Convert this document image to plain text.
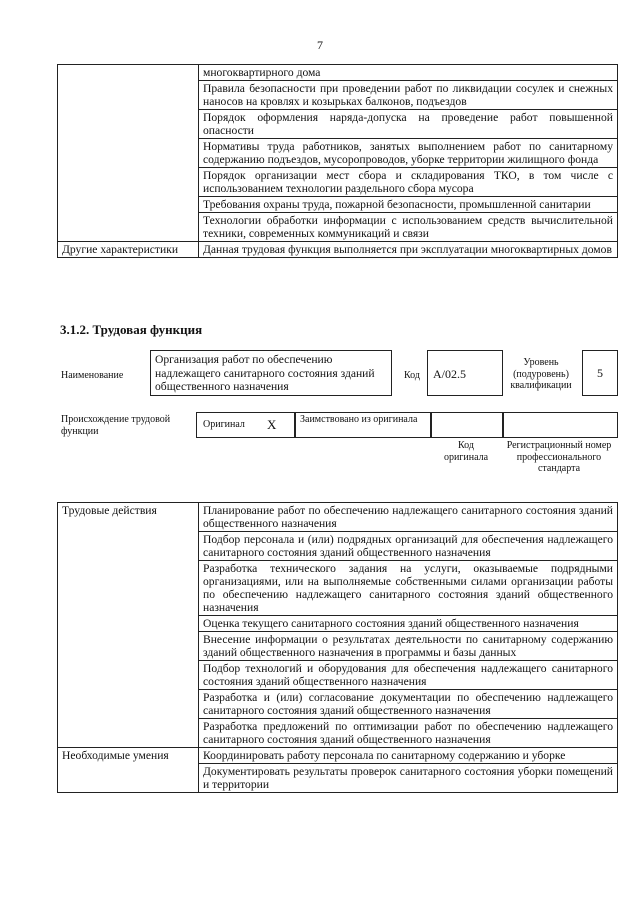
7
	многоквартирного дома
	Правила безопасности при проведении работ по ликвидации сосулек и снежных наносов на кровлях и козырьках балконов, подъездов
	Порядок оформления наряда-допуска на проведение работ повышенной опасности
	Нормативы труда работников, занятых выполнением работ по санитарному содержанию подъездов, мусоропроводов, уборке территории жилищного фонда
	Порядок организации мест сбора и складирования ТКО, в том числе с использованием технологии раздельного сбора мусора
	Требования охраны труда, пожарной безопасности, промышленной санитарии
	Технологии обработки информации с использованием средств вычислительной техники, современных коммуникаций и связи
Другие характеристики	Данная трудовая функция выполняется при эксплуатации многоквартирных домов
3.1.2. Трудовая функция
Наименование
Организация работ по обеспечению надлежащего санитарного состояния зданий общественного назначения
Код	A/02.5
Уровень (подуровень) квалификации
5
Происхождение трудовой функции
Оригинал X	Заимствовано из оригинала
Код оригинала
Регистрационный номер профессионального стандарта
Трудовые действия	Планирование работ по обеспечению надлежащего санитарного состояния зданий общественного назначения
	Подбор персонала и (или) подрядных организаций для обеспечения надлежащего санитарного состояния зданий общественного назначения
	Разработка технического задания на услуги, оказываемые подрядными организациями, или на выполняемые собственными силами организации работы по обеспечению надлежащего санитарного состояния зданий общественного назначения
	Оценка текущего санитарного состояния зданий общественного назначения
	Внесение информации о результатах деятельности по санитарному содержанию зданий общественного назначения в программы и базы данных
	Подбор технологий и оборудования для обеспечения надлежащего санитарного состояния зданий общественного назначения
	Разработка и (или) согласование документации по обеспечению надлежащего санитарного состояния зданий общественного назначения
	Разработка предложений по оптимизации работ по обеспечению надлежащего санитарного состояния зданий общественного назначения
Необходимые умения	Координировать работу персонала по санитарному содержанию и уборке
	Документировать результаты проверок санитарного состояния уборки помещений и территории
